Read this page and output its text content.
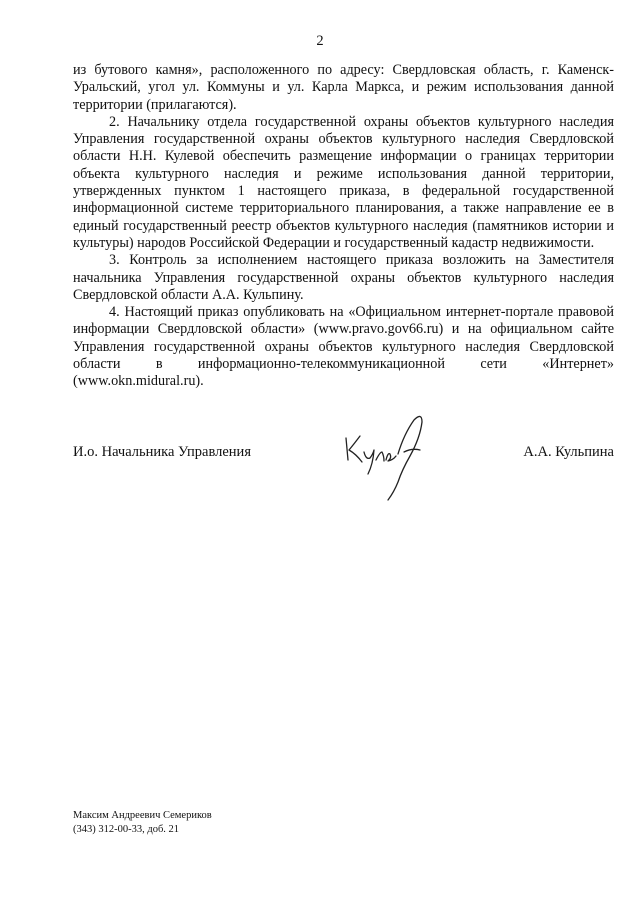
2

из бутового камня», расположенного по адресу: Свердловская область, г. Каменск-Уральский, угол ул. Коммуны и ул. Карла Маркса, и режим использования данной территории (прилагаются).

2. Начальнику отдела государственной охраны объектов культурного наследия Управления государственной охраны объектов культурного наследия Свердловской области Н.Н. Кулевой обеспечить размещение информации о границах территории объекта культурного наследия и режиме использования данной территории, утвержденных пунктом 1 настоящего приказа, в федеральной государственной информационной системе территориального планирования, а также направление ее в единый государственный реестр объектов культурного наследия (памятников истории и культуры) народов Российской Федерации и государственный кадастр недвижимости.

3. Контроль за исполнением настоящего приказа возложить на Заместителя начальника Управления государственной охраны объектов культурного наследия Свердловской области А.А. Кульпину.

4. Настоящий приказ опубликовать на «Официальном интернет-портале правовой информации Свердловской области» (www.pravo.gov66.ru) и на официальном сайте Управления государственной охраны объектов культурного наследия Свердловской области в информационно-телекоммуникационной сети «Интернет» (www.okn.midural.ru).

И.о. Начальника Управления	А.А. Кульпина
Максим Андреевич Семериков
(343) 312-00-33, доб. 21
